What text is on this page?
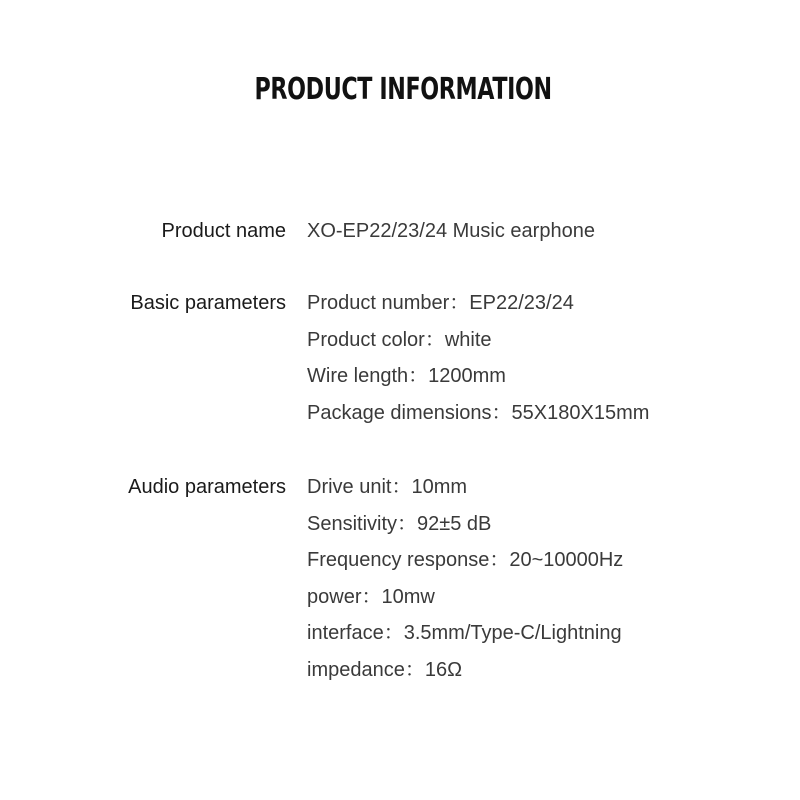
PRODUCT INFORMATION
Product name XO-EP22/23/24 Music earphone
Basic parameters Product number：EP22/23/24
Product color：white
Wire length：1200mm
Package dimensions：55X180X15mm
Audio parameters Drive unit：10mm
Sensitivity：92±5 dB
Frequency response：20~10000Hz
power：10mw
interface：3.5mm/Type-C/Lightning
impedance：16Ω
